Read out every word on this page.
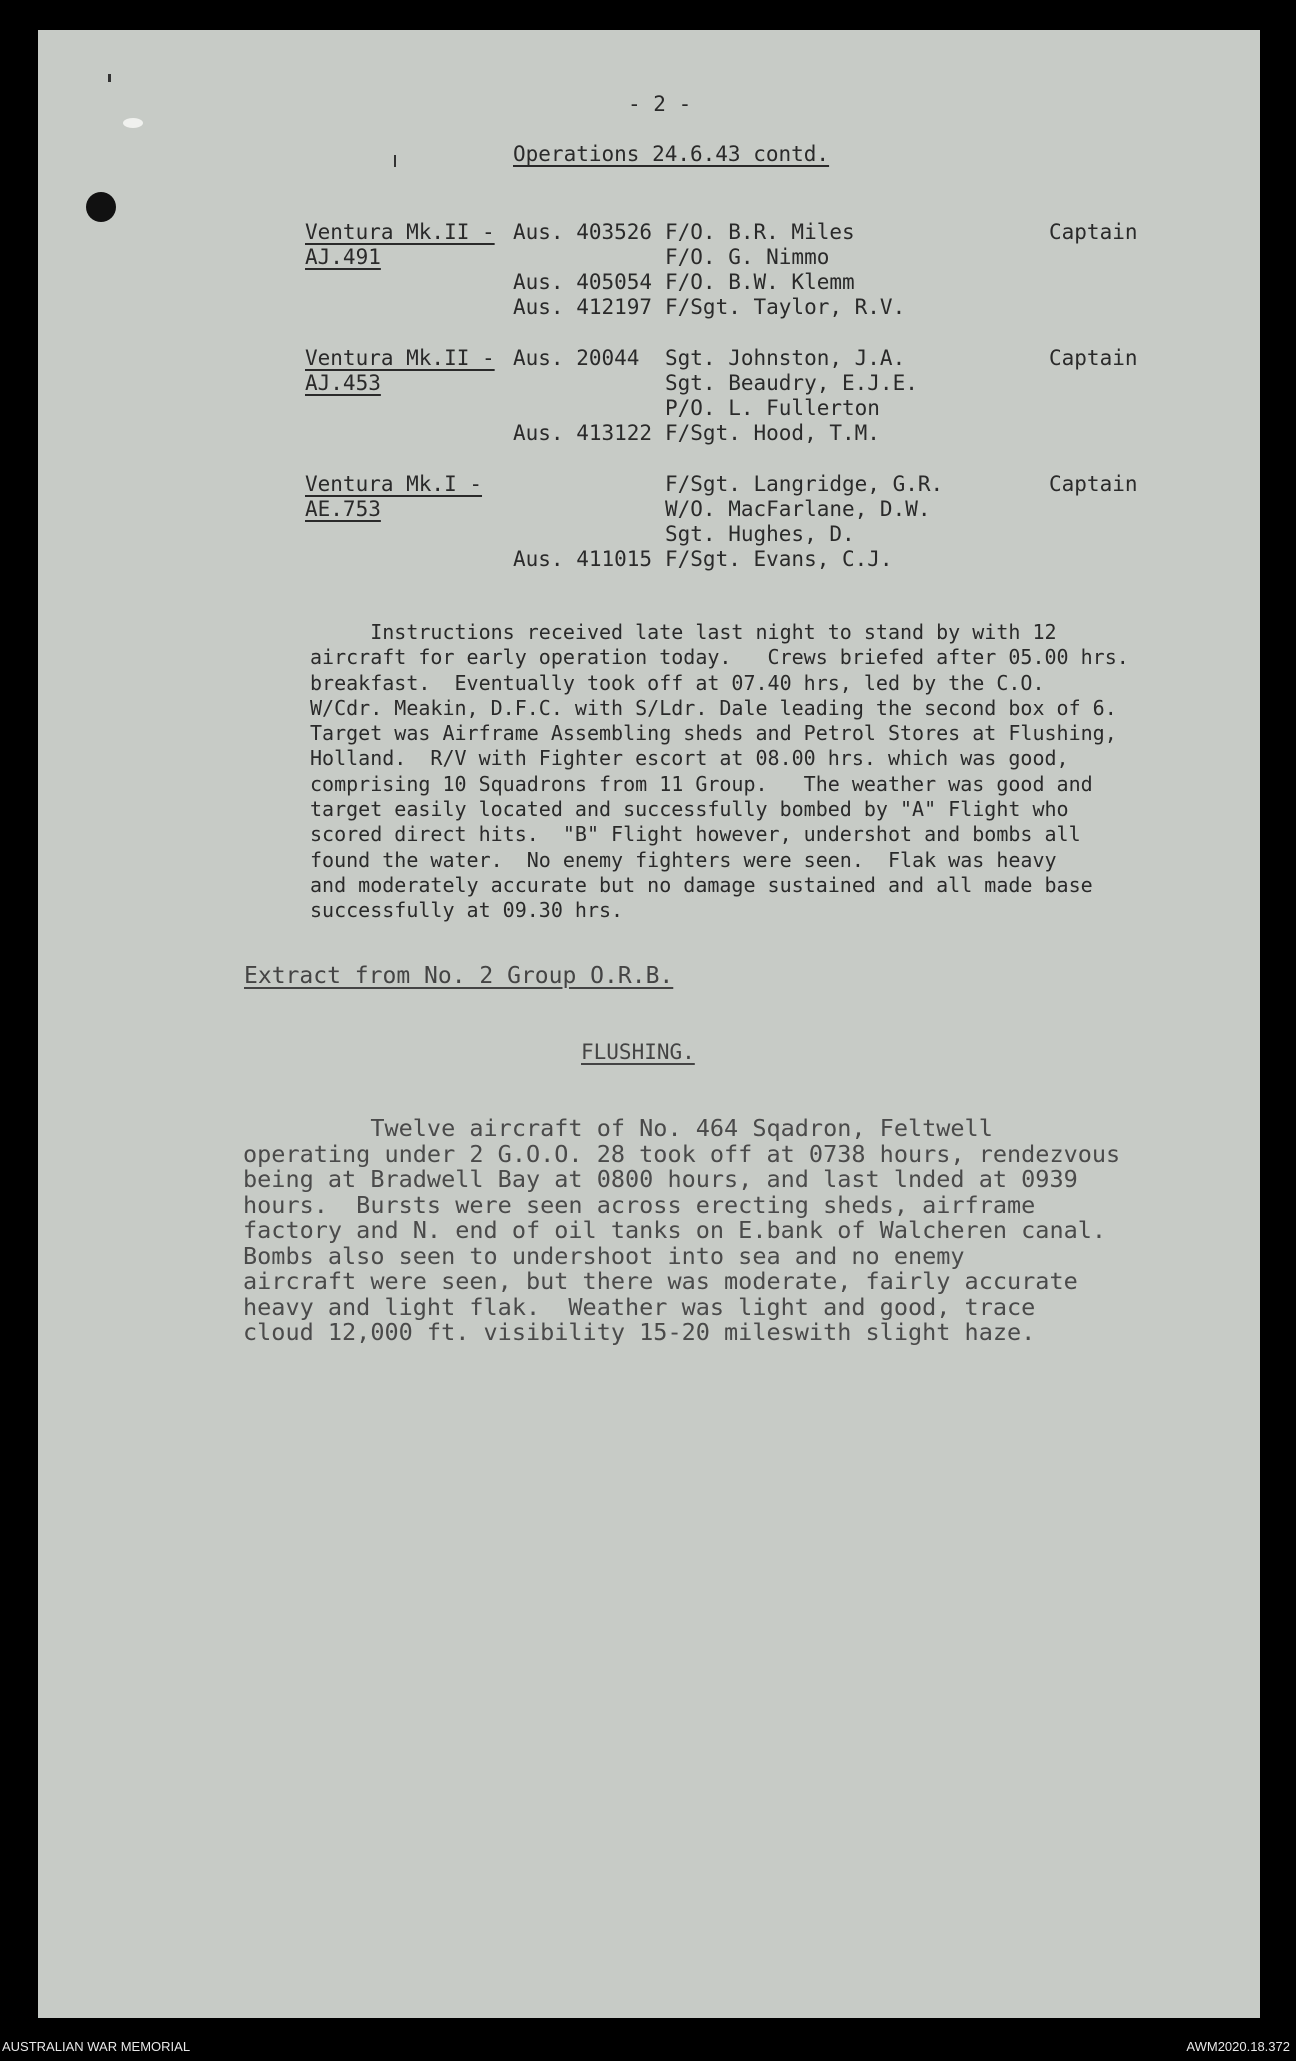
- 2 -
Operations 24.6.43 contd.
Ventura Mk.II -
AJ.491
Captain
Aus. 403526 F/O. B.R. Miles
F/O. G. Nimmo
Aus. 405054 F/O. B.W. Klemm
Aus. 412197 F/Sgt. Taylor, R.V.
Ventura Mk.II -
AJ.453
Captain
Aus. 20044 Sgt. Johnston, J.A.
Sgt. Beaudry, E.J.E.
P/O. L. Fullerton
Aus. 413122 F/Sgt. Hood, T.M.
Ventura Mk.I -
AE.753
Captain
F/Sgt. Langridge, G.R.
W/O. MacFarlane, D.W.
Sgt. Hughes, D.
Aus. 411015 F/Sgt. Evans, C.J.

Instructions received late last night to stand by with 12

aircraft for early operation today.   Crews briefed after 05.00 hrs.

breakfast.  Eventually took off at 07.40 hrs, led by the C.O.

W/Cdr. Meakin, D.F.C. with S/Ldr. Dale leading the second box of 6.

Target was Airframe Assembling sheds and Petrol Stores at Flushing,

Holland.  R/V with Fighter escort at 08.00 hrs. which was good,

comprising 10 Squadrons from 11 Group.   The weather was good and

target easily located and successfully bombed by "A" Flight who

scored direct hits.  "B" Flight however, undershot and bombs all

found the water.  No enemy fighters were seen.  Flak was heavy

and moderately accurate but no damage sustained and all made base

successfully at 09.30 hrs.

Extract from No. 2 Group O.R.B.
FLUSHING.

Twelve aircraft of No. 464 Sqadron, Feltwell

operating under 2 G.O.O. 28 took off at 0738 hours, rendezvous

being at Bradwell Bay at 0800 hours, and last lnded at 0939

hours.  Bursts were seen across erecting sheds, airframe

factory and N. end of oil tanks on E.bank of Walcheren canal.

Bombs also seen to undershoot into sea and no enemy

aircraft were seen, but there was moderate, fairly accurate

heavy and light flak.  Weather was light and good, trace

cloud 12,000 ft. visibility 15-20 mileswith slight haze.

AUSTRALIAN WAR MEMORIAL	AWM2020.18.372
